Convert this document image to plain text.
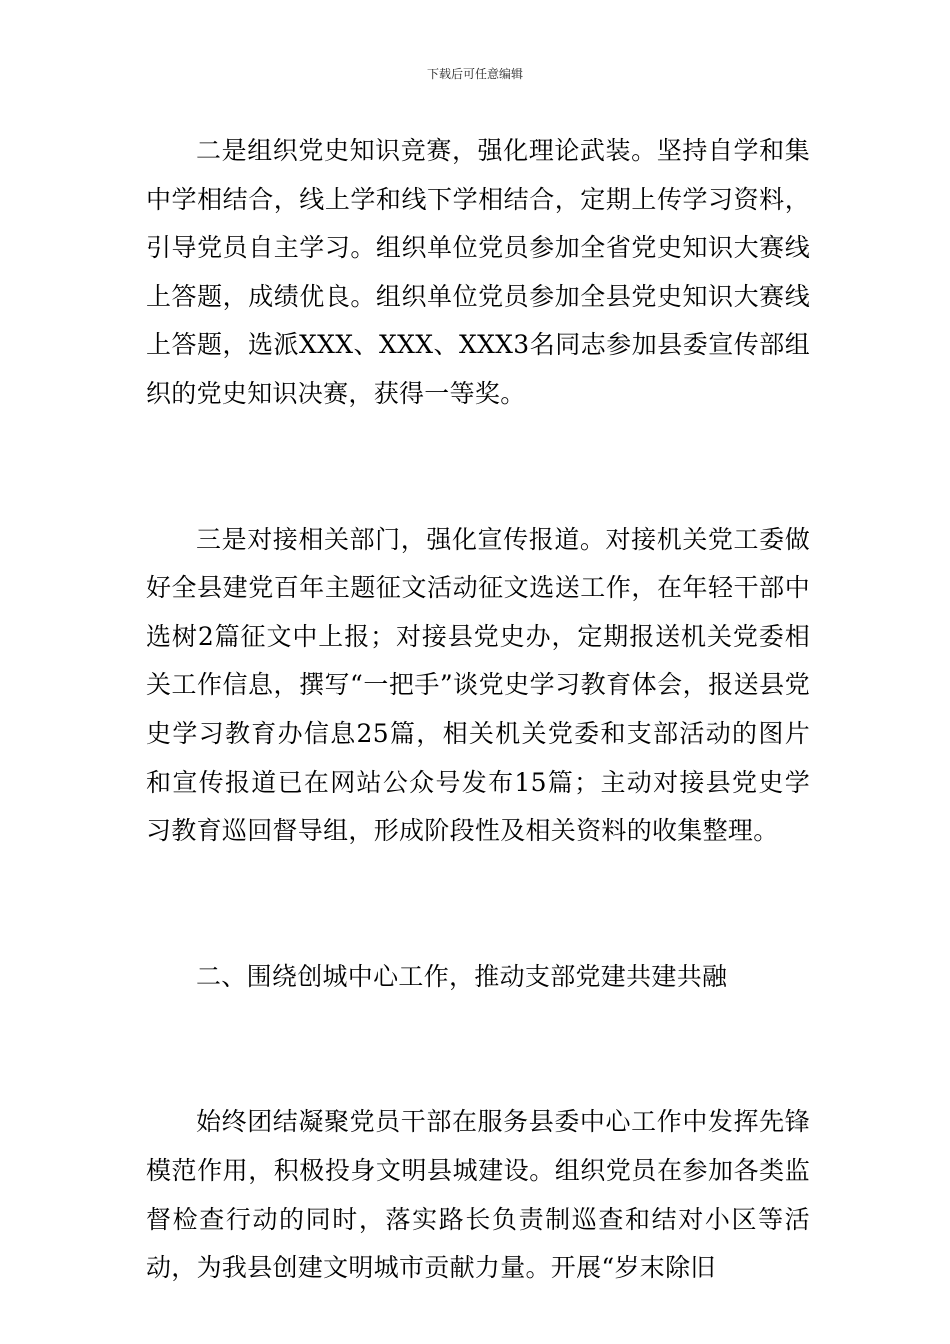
下载后可任意编辑

二是组织党史知识竞赛，强化理论武装。坚持自学和集中学相结合，线上学和线下学相结合，定期上传学习资料，引导党员自主学习。组织单位党员参加全省党史知识大赛线上答题，成绩优良。组织单位党员参加全县党史知识大赛线上答题，选派XXX、XXX、XXX3名同志参加县委宣传部组织的党史知识决赛，获得一等奖。

三是对接相关部门，强化宣传报道。对接机关党工委做好全县建党百年主题征文活动征文选送工作，在年轻干部中选树2篇征文中上报；对接县党史办，定期报送机关党委相关工作信息，撰写“一把手”谈党史学习教育体会，报送县党史学习教育办信息25篇，相关机关党委和支部活动的图片和宣传报道已在网站公众号发布15篇；主动对接县党史学习教育巡回督导组，形成阶段性及相关资料的收集整理。

二、围绕创城中心工作，推动支部党建共建共融

始终团结凝聚党员干部在服务县委中心工作中发挥先锋模范作用，积极投身文明县城建设。组织党员在参加各类监督检查行动的同时，落实路长负责制巡查和结对小区等活动，为我县创建文明城市贡献力量。开展“岁末除旧
